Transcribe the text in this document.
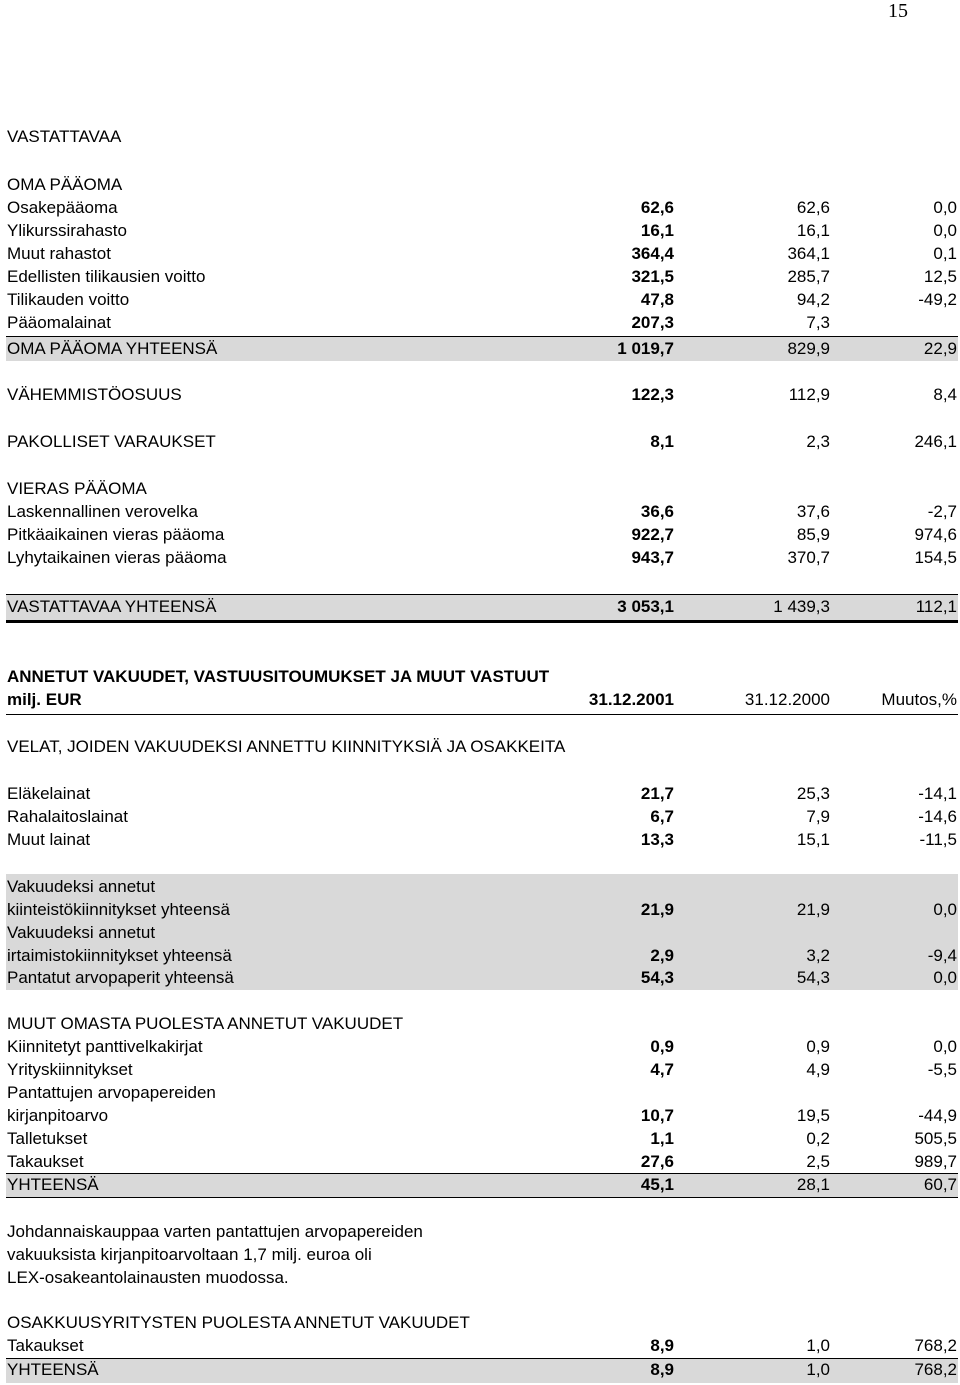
15
VASTATTAVAA
OMA PÄÄOMA
Osakepääoma	62,6	62,6	0,0
Ylikurssirahasto	16,1	16,1	0,0
Muut rahastot	364,4	364,1	0,1
Edellisten tilikausien voitto	321,5	285,7	12,5
Tilikauden voitto	47,8	94,2	-49,2
Pääomalainat	207,3	7,3
OMA PÄÄOMA YHTEENSÄ	1 019,7	829,9	22,9
VÄHEMMISTÖOSUUS	122,3	112,9	8,4
PAKOLLISET VARAUKSET	8,1	2,3	246,1
VIERAS PÄÄOMA
Laskennallinen verovelka	36,6	37,6	-2,7
Pitkäaikainen vieras pääoma	922,7	85,9	974,6
Lyhytaikainen vieras pääoma	943,7	370,7	154,5
VASTATTAVAA YHTEENSÄ	3 053,1	1 439,3	112,1
ANNETUT VAKUUDET, VASTUUSITOUMUKSET JA MUUT VASTUUT
milj. EUR	31.12.2001	31.12.2000	Muutos,%
VELAT, JOIDEN VAKUUDEKSI ANNETTU KIINNITYKSIÄ JA OSAKKEITA
Eläkelainat	21,7	25,3	-14,1
Rahalaitoslainat	6,7	7,9	-14,6
Muut lainat	13,3	15,1	-11,5
Vakuudeksi annetut
kiinteistökiinnitykset yhteensä	21,9	21,9	0,0
Vakuudeksi annetut
irtaimistokiinnitykset yhteensä	2,9	3,2	-9,4
Pantatut arvopaperit yhteensä	54,3	54,3	0,0
MUUT OMASTA PUOLESTA ANNETUT VAKUUDET
Kiinnitetyt panttivelkakirjat	0,9	0,9	0,0
Yrityskiinnitykset	4,7	4,9	-5,5
Pantattujen arvopapereiden
kirjanpitoarvo	10,7	19,5	-44,9
Talletukset	1,1	0,2	505,5
Takaukset	27,6	2,5	989,7
YHTEENSÄ	45,1	28,1	60,7
Johdannaiskauppaa varten pantattujen arvopapereiden
vakuuksista kirjanpitoarvoltaan 1,7 milj. euroa oli
LEX-osakeantolainausten muodossa.
OSAKKUUSYRITYSTEN PUOLESTA ANNETUT VAKUUDET
Takaukset	8,9	1,0	768,2
YHTEENSÄ	8,9	1,0	768,2
